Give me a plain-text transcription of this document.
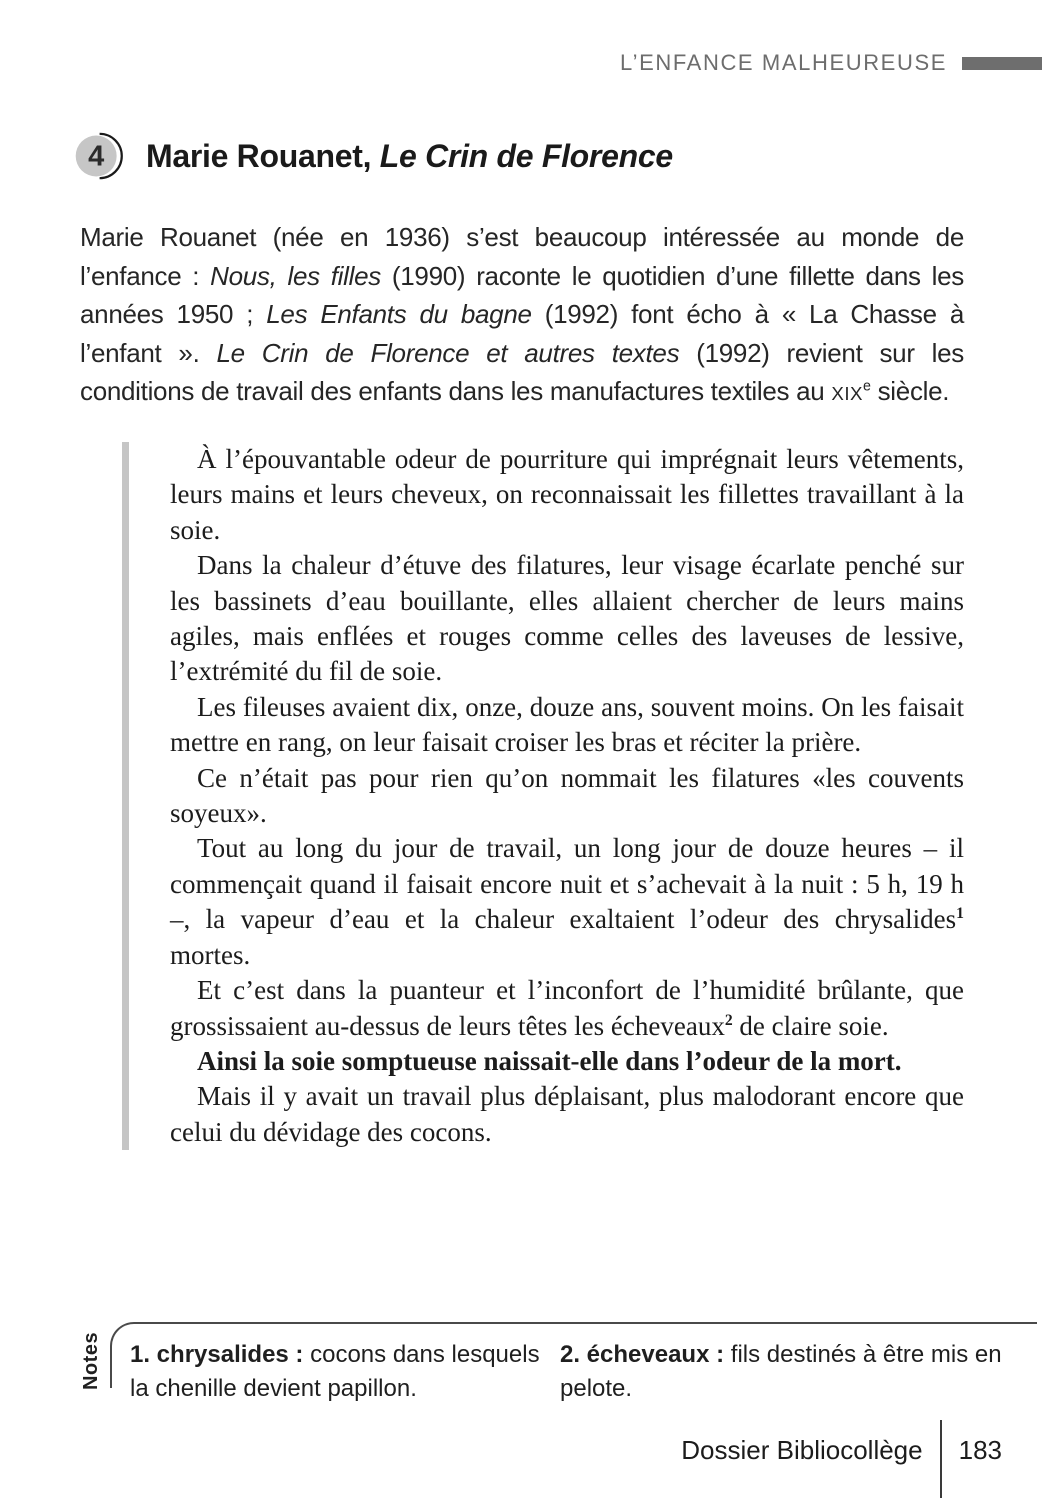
L’ENFANCE MALHEUREUSE
4 Marie Rouanet, Le Crin de Florence

Marie Rouanet (née en 1936) s’est beaucoup intéressée au monde de l’enfance : Nous, les filles (1990) raconte le quotidien d’une fillette dans les années 1950 ; Les Enfants du bagne (1992) font écho à « La Chasse à l’enfant ». Le Crin de Florence et autres textes (1992) revient sur les conditions de travail des enfants dans les manufactures textiles au XIXe siècle.

À l’épouvantable odeur de pourriture qui imprégnait leurs vêtements, leurs mains et leurs cheveux, on reconnaissait les fillettes travaillant à la soie.

Dans la chaleur d’étuve des filatures, leur visage écarlate penché sur les bassinets d’eau bouillante, elles allaient chercher de leurs mains agiles, mais enflées et rouges comme celles des laveuses de lessive, l’extrémité du fil de soie.

Les fileuses avaient dix, onze, douze ans, souvent moins. On les faisait mettre en rang, on leur faisait croiser les bras et réciter la prière.

Ce n’était pas pour rien qu’on nommait les filatures «les couvents soyeux».

Tout au long du jour de travail, un long jour de douze heures – il commençait quand il faisait encore nuit et s’achevait à la nuit : 5 h, 19 h –, la vapeur d’eau et la chaleur exaltaient l’odeur des chrysalides$^1$ mortes.

Et c’est dans la puanteur et l’inconfort de l’humidité brûlante, que grossissaient au-dessus de leurs têtes les écheveaux$^2$ de claire soie.

Ainsi la soie somptueuse naissait-elle dans l’odeur de la mort.

Mais il y avait un travail plus déplaisant, plus malodorant encore que celui du dévidage des cocons.

Notes 1. chrysalides : cocons dans lesquels la chenille devient papillon.

2. écheveaux : fils destinés à être mis en pelote.

Dossier Bibliocollège 183
